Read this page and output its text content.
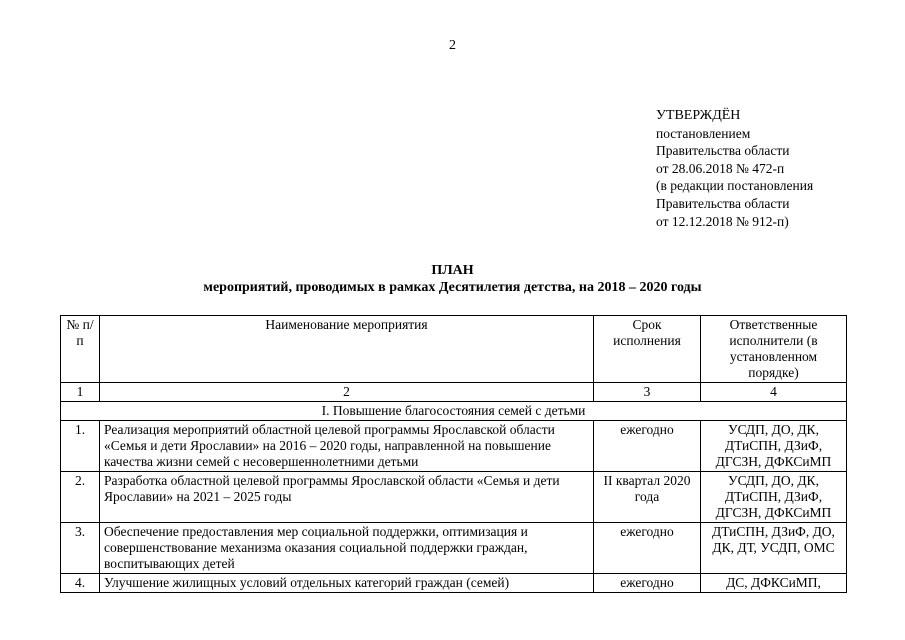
2
УТВЕРЖДЁН
постановлением
Правительства области
от 28.06.2018 № 472-п
(в редакции постановления
Правительства области
от 12.12.2018 № 912-п)
ПЛАН
мероприятий, проводимых в рамках Десятилетия детства, на 2018 – 2020 годы
№ п/п	Наименование мероприятия	Срок исполнения	Ответственные исполнители (в установленном порядке)
1	2	3	4
I. Повышение благосостояния семей с детьми			
1.	Реализация мероприятий областной целевой программы Ярославской области «Семья и дети Ярославии» на 2016 – 2020 годы, направленной на повышение качества жизни семей с несовершеннолетними детьми	ежегодно	УСДП, ДО, ДК, ДТиСПН, ДЗиФ, ДГСЗН, ДФКСиМП
2.	Разработка областной целевой программы Ярославской области «Семья и дети Ярославии» на 2021 – 2025 годы	II квартал 2020 года	УСДП, ДО, ДК, ДТиСПН, ДЗиФ, ДГСЗН, ДФКСиМП
3.	Обеспечение предоставления мер социальной поддержки, оптимизация и совершенствование механизма оказания социальной поддержки граждан, воспитывающих детей	ежегодно	ДТиСПН, ДЗиФ, ДО, ДК, ДТ, УСДП, ОМС
4.	Улучшение жилищных условий отдельных категорий граждан (семей)	ежегодно	ДС, ДФКСиМП,
